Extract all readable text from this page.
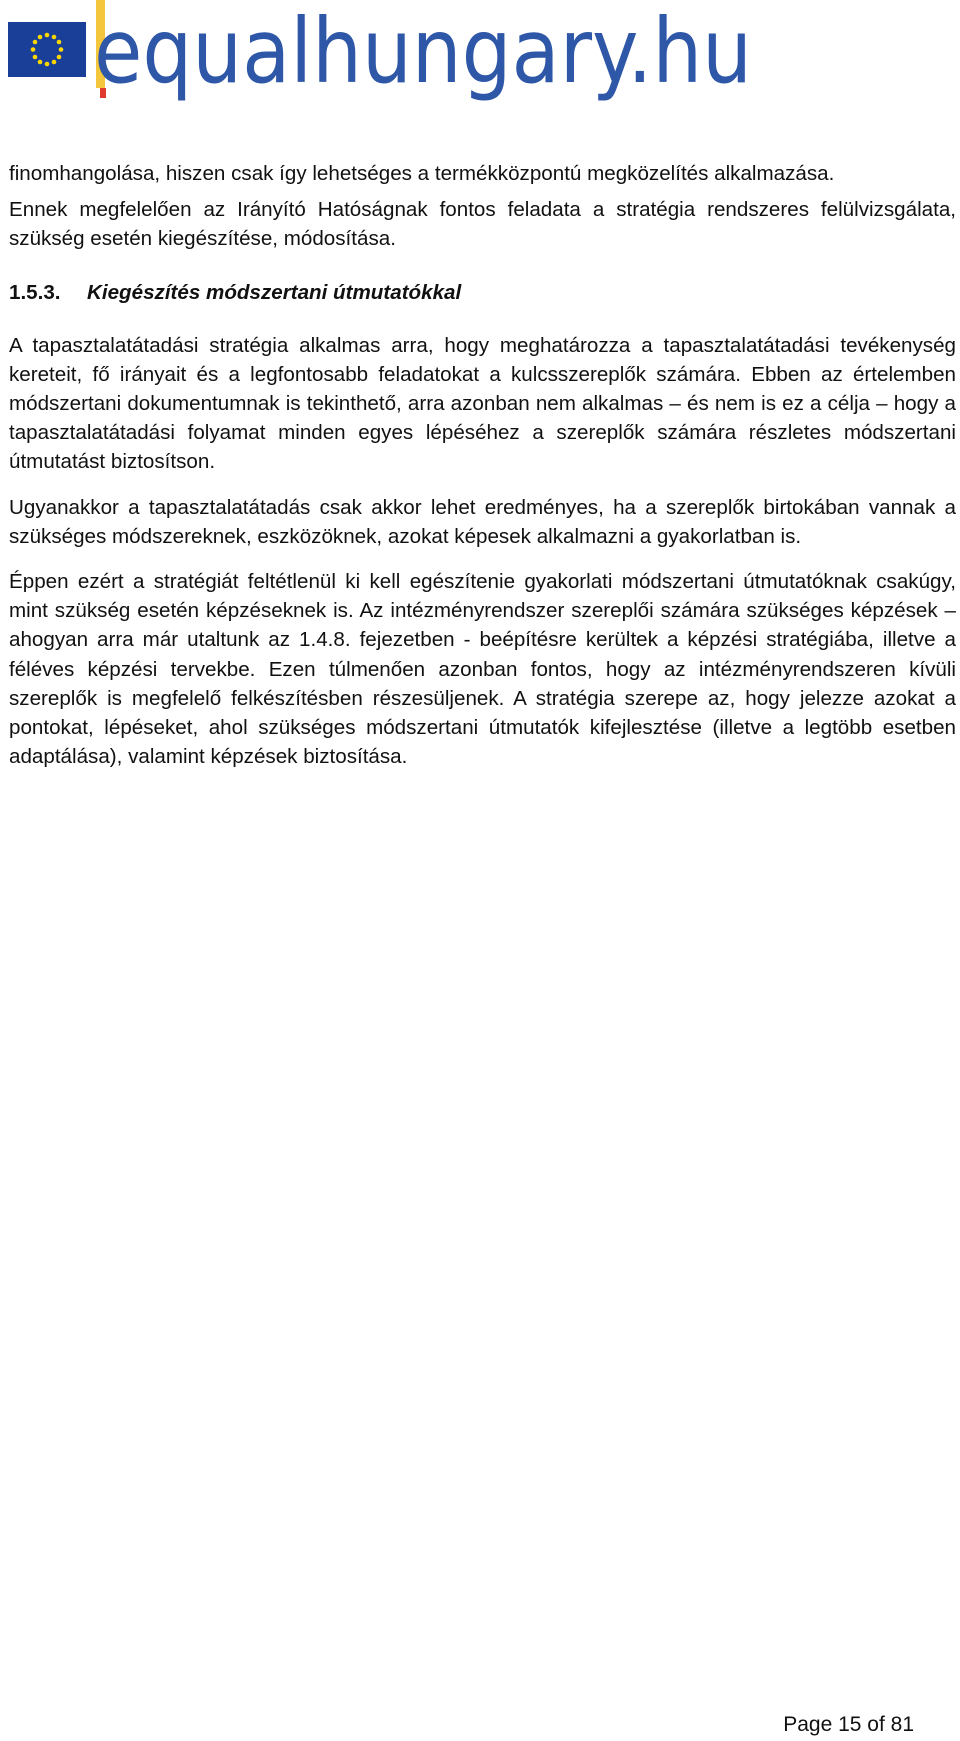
equalhungary.hu

finomhangolása, hiszen csak így lehetséges a termékközpontú megközelítés alkalmazása.

Ennek megfelelően az Irányító Hatóságnak fontos feladata a stratégia rendszeres felülvizsgálata, szükség esetén kiegészítése, módosítása.

1.5.3.	Kiegészítés módszertani útmutatókkal

A tapasztalatátadási stratégia alkalmas arra, hogy meghatározza a tapasztalatátadási tevékenység kereteit, fő irányait és a legfontosabb feladatokat a kulcsszereplők számára. Ebben az értelemben módszertani dokumentumnak is tekinthető, arra azonban nem alkalmas – és nem is ez a célja – hogy a tapasztalatátadási folyamat minden egyes lépéséhez a szereplők számára részletes módszertani útmutatást biztosítson.

Ugyanakkor a tapasztalatátadás csak akkor lehet eredményes, ha a szereplők birtokában vannak a szükséges módszereknek, eszközöknek, azokat képesek alkalmazni a gyakorlatban is.

Éppen ezért a stratégiát feltétlenül ki kell egészítenie gyakorlati módszertani útmutatóknak csakúgy, mint szükség esetén képzéseknek is. Az intézményrendszer szereplői számára szükséges képzések – ahogyan arra már utaltunk az 1.4.8. fejezetben - beépítésre kerültek a képzési stratégiába, illetve a féléves képzési tervekbe. Ezen túlmenően azonban fontos, hogy az intézményrendszeren kívüli szereplők is megfelelő felkészítésben részesüljenek. A stratégia szerepe az, hogy jelezze azokat a pontokat, lépéseket, ahol szükséges módszertani útmutatók kifejlesztése (illetve a legtöbb esetben adaptálása), valamint képzések biztosítása.

Page 15 of 81
